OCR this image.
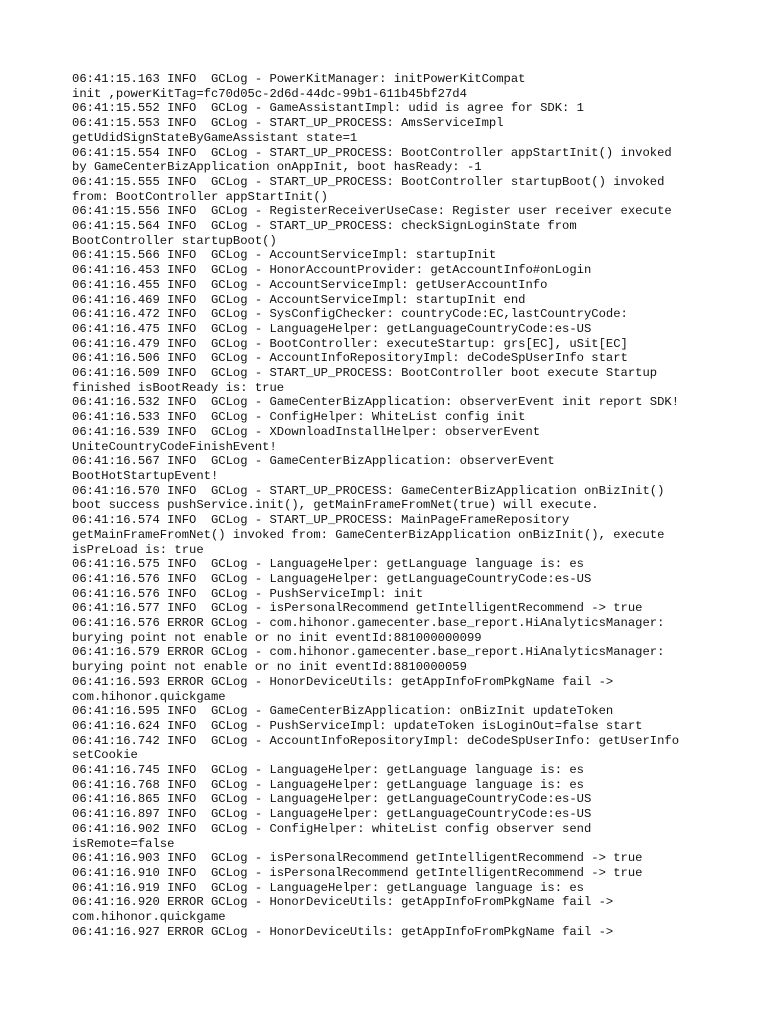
06:41:15.163 INFO  GCLog - PowerKitManager: initPowerKitCompat
init ,powerKitTag=fc70d05c-2d6d-44dc-99b1-611b45bf27d4
06:41:15.552 INFO  GCLog - GameAssistantImpl: udid is agree for SDK: 1
06:41:15.553 INFO  GCLog - START_UP_PROCESS: AmsServiceImpl
getUdidSignStateByGameAssistant state=1
06:41:15.554 INFO  GCLog - START_UP_PROCESS: BootController appStartInit() invoked
by GameCenterBizApplication onAppInit, boot hasReady: -1
06:41:15.555 INFO  GCLog - START_UP_PROCESS: BootController startupBoot() invoked
from: BootController appStartInit()
06:41:15.556 INFO  GCLog - RegisterReceiverUseCase: Register user receiver execute
06:41:15.564 INFO  GCLog - START_UP_PROCESS: checkSignLoginState from
BootController startupBoot()
06:41:15.566 INFO  GCLog - AccountServiceImpl: startupInit
06:41:16.453 INFO  GCLog - HonorAccountProvider: getAccountInfo#onLogin
06:41:16.455 INFO  GCLog - AccountServiceImpl: getUserAccountInfo
06:41:16.469 INFO  GCLog - AccountServiceImpl: startupInit end
06:41:16.472 INFO  GCLog - SysConfigChecker: countryCode:EC,lastCountryCode:
06:41:16.475 INFO  GCLog - LanguageHelper: getLanguageCountryCode:es-US
06:41:16.479 INFO  GCLog - BootController: executeStartup: grs[EC], uSit[EC]
06:41:16.506 INFO  GCLog - AccountInfoRepositoryImpl: deCodeSpUserInfo start
06:41:16.509 INFO  GCLog - START_UP_PROCESS: BootController boot execute Startup
finished isBootReady is: true
06:41:16.532 INFO  GCLog - GameCenterBizApplication: observerEvent init report SDK!
06:41:16.533 INFO  GCLog - ConfigHelper: WhiteList config init
06:41:16.539 INFO  GCLog - XDownloadInstallHelper: observerEvent
UniteCountryCodeFinishEvent!
06:41:16.567 INFO  GCLog - GameCenterBizApplication: observerEvent
BootHotStartupEvent!
06:41:16.570 INFO  GCLog - START_UP_PROCESS: GameCenterBizApplication onBizInit()
boot success pushService.init(), getMainFrameFromNet(true) will execute.
06:41:16.574 INFO  GCLog - START_UP_PROCESS: MainPageFrameRepository
getMainFrameFromNet() invoked from: GameCenterBizApplication onBizInit(), execute
isPreLoad is: true
06:41:16.575 INFO  GCLog - LanguageHelper: getLanguage language is: es
06:41:16.576 INFO  GCLog - LanguageHelper: getLanguageCountryCode:es-US
06:41:16.576 INFO  GCLog - PushServiceImpl: init
06:41:16.577 INFO  GCLog - isPersonalRecommend getIntelligentRecommend -> true
06:41:16.576 ERROR GCLog - com.hihonor.gamecenter.base_report.HiAnalyticsManager:
burying point not enable or no init eventId:881000000099
06:41:16.579 ERROR GCLog - com.hihonor.gamecenter.base_report.HiAnalyticsManager:
burying point not enable or no init eventId:8810000059
06:41:16.593 ERROR GCLog - HonorDeviceUtils: getAppInfoFromPkgName fail ->
com.hihonor.quickgame
06:41:16.595 INFO  GCLog - GameCenterBizApplication: onBizInit updateToken
06:41:16.624 INFO  GCLog - PushServiceImpl: updateToken isLoginOut=false start
06:41:16.742 INFO  GCLog - AccountInfoRepositoryImpl: deCodeSpUserInfo: getUserInfo
setCookie
06:41:16.745 INFO  GCLog - LanguageHelper: getLanguage language is: es
06:41:16.768 INFO  GCLog - LanguageHelper: getLanguage language is: es
06:41:16.865 INFO  GCLog - LanguageHelper: getLanguageCountryCode:es-US
06:41:16.897 INFO  GCLog - LanguageHelper: getLanguageCountryCode:es-US
06:41:16.902 INFO  GCLog - ConfigHelper: whiteList config observer send
isRemote=false
06:41:16.903 INFO  GCLog - isPersonalRecommend getIntelligentRecommend -> true
06:41:16.910 INFO  GCLog - isPersonalRecommend getIntelligentRecommend -> true
06:41:16.919 INFO  GCLog - LanguageHelper: getLanguage language is: es
06:41:16.920 ERROR GCLog - HonorDeviceUtils: getAppInfoFromPkgName fail ->
com.hihonor.quickgame
06:41:16.927 ERROR GCLog - HonorDeviceUtils: getAppInfoFromPkgName fail ->
